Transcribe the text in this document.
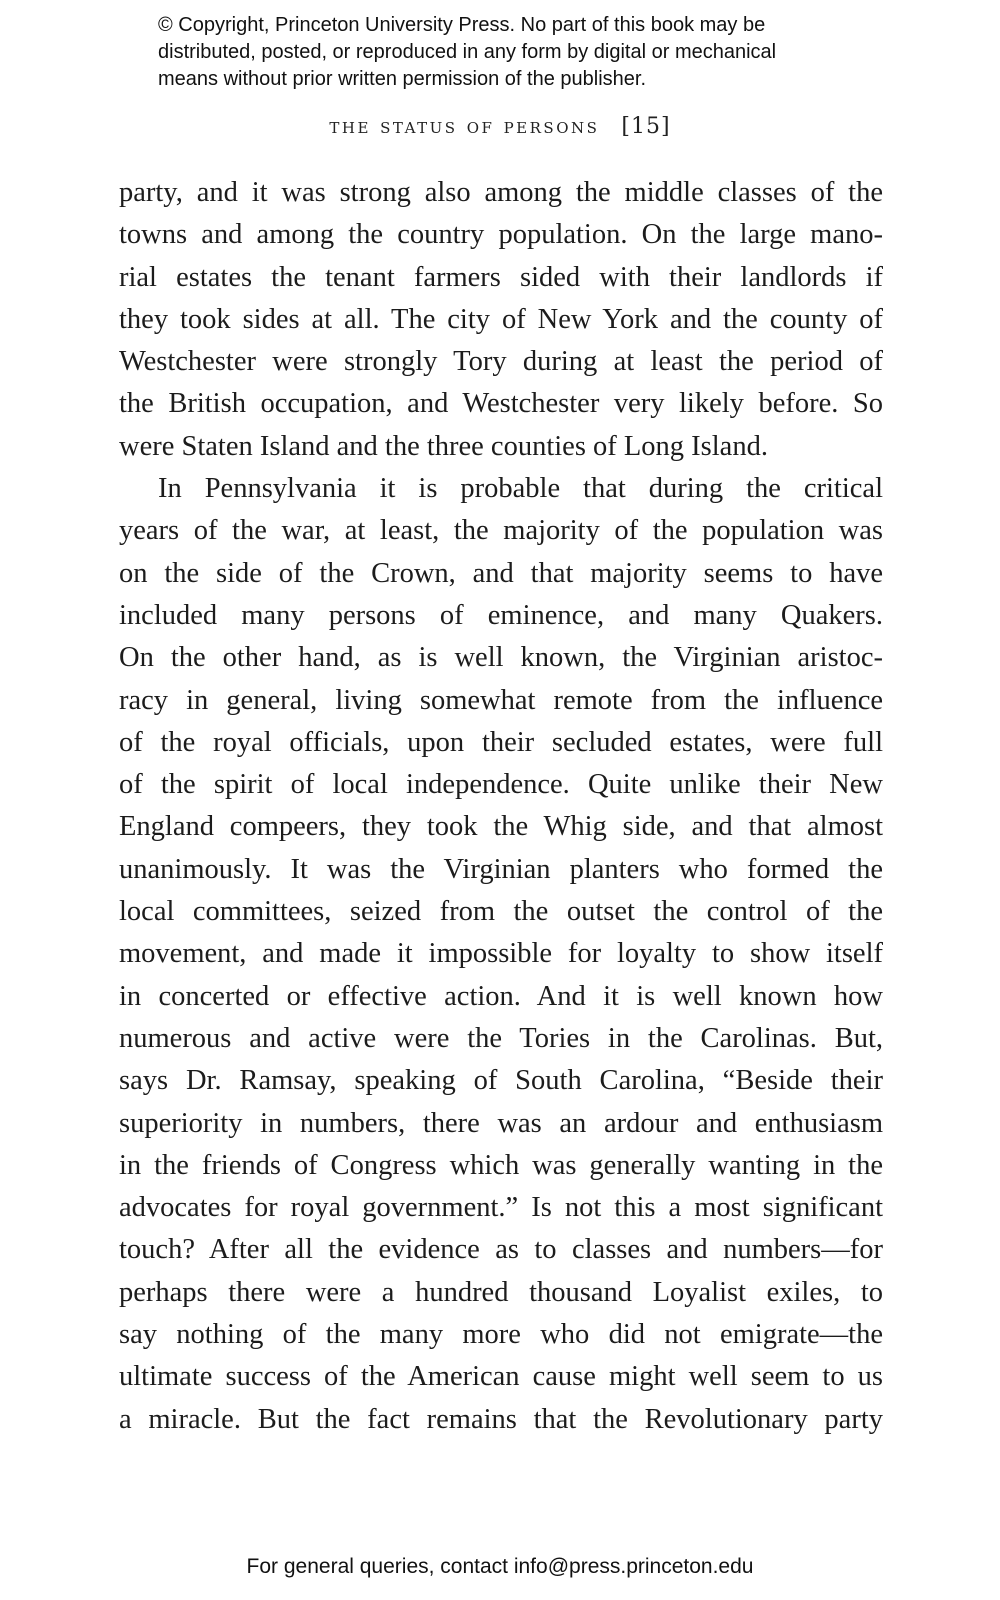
© Copyright, Princeton University Press. No part of this book may be
distributed, posted, or reproduced in any form by digital or mechanical
means without prior written permission of the publisher.
the status of persons [15]
party, and it was strong also among the middle classes of the
towns and among the country population. On the large mano-
rial estates the tenant farmers sided with their landlords if
they took sides at all. The city of New York and the county of
Westchester were strongly Tory during at least the period of
the British occupation, and Westchester very likely before. So
were Staten Island and the three counties of Long Island.
In Pennsylvania it is probable that during the critical
years of the war, at least, the majority of the population was
on the side of the Crown, and that majority seems to have
included many persons of eminence, and many Quakers.
On the other hand, as is well known, the Virginian aristoc-
racy in general, living somewhat remote from the influence
of the royal officials, upon their secluded estates, were full
of the spirit of local independence. Quite unlike their New
England compeers, they took the Whig side, and that almost
unanimously. It was the Virginian planters who formed the
local committees, seized from the outset the control of the
movement, and made it impossible for loyalty to show itself
in concerted or effective action. And it is well known how
numerous and active were the Tories in the Carolinas. But,
says Dr. Ramsay, speaking of South Carolina, “Beside their
superiority in numbers, there was an ardour and enthusiasm
in the friends of Congress which was generally wanting in the
advocates for royal government.” Is not this a most significant
touch? After all the evidence as to classes and numbers—for
perhaps there were a hundred thousand Loyalist exiles, to
say nothing of the many more who did not emigrate—the
ultimate success of the American cause might well seem to us
a miracle. But the fact remains that the Revolutionary party
For general queries, contact info@press.princeton.edu
